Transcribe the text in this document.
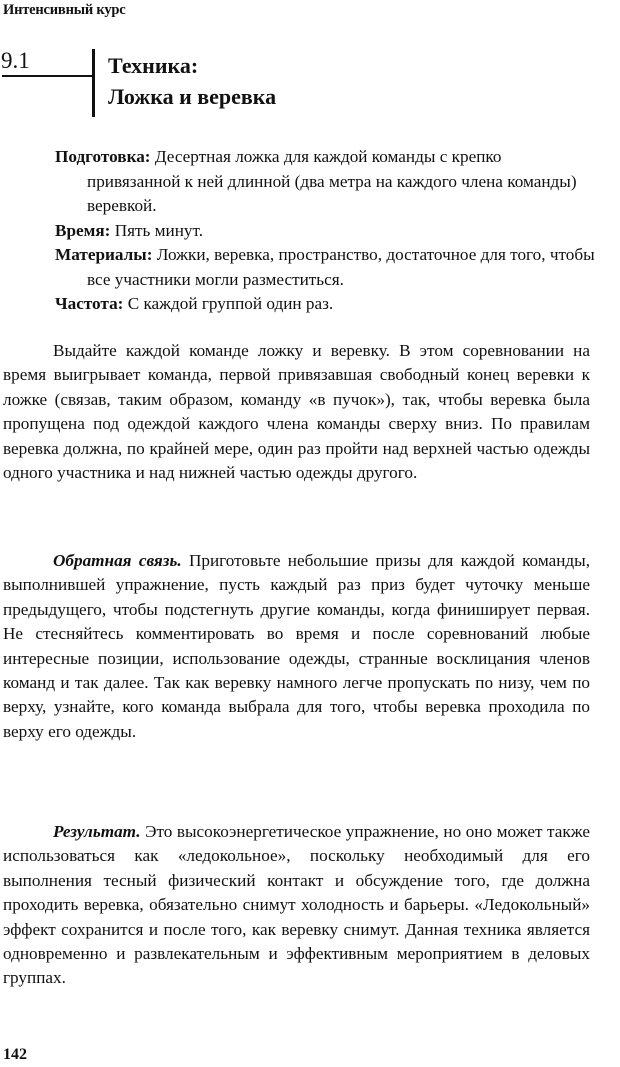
Интенсивный курс
9.1	Техника:
Ложка и веревка

Подготовка: Десертная ложка для каждой команды с крепко привязанной к ней длинной (два метра на каждого члена команды) веревкой.

Время: Пять минут.

Материалы: Ложки, веревка, пространство, достаточное для того, чтобы все участники могли разместиться.

Частота: С каждой группой один раз.

Выдайте каждой команде ложку и веревку. В этом соревновании на время выигрывает команда, первой привязавшая свободный конец веревки к ложке (связав, таким образом, команду «в пучок»), так, чтобы веревка была пропущена под одеждой каждого члена команды сверху вниз. По правилам веревка должна, по крайней мере, один раз пройти над верхней частью одежды одного участника и над нижней частью одежды другого.

Обратная связь. Приготовьте небольшие призы для каждой команды, выполнившей упражнение, пусть каждый раз приз будет чуточку меньше предыдущего, чтобы подстегнуть другие команды, когда финиширует первая. Не стесняйтесь комментировать во время и после соревнований любые интересные позиции, использование одежды, странные восклицания членов команд и так далее. Так как веревку намного легче пропускать по низу, чем по верху, узнайте, кого команда выбрала для того, чтобы веревка проходила по верху его одежды.

Результат. Это высокоэнергетическое упражнение, но оно может также использоваться как «ледокольное», поскольку необходимый для его выполнения тесный физический контакт и обсуждение того, где должна проходить веревка, обязательно снимут холодность и барьеры. «Ледокольный» эффект сохранится и после того, как веревку снимут. Данная техника является одновременно и развлекательным и эффективным мероприятием в деловых группах.

142
